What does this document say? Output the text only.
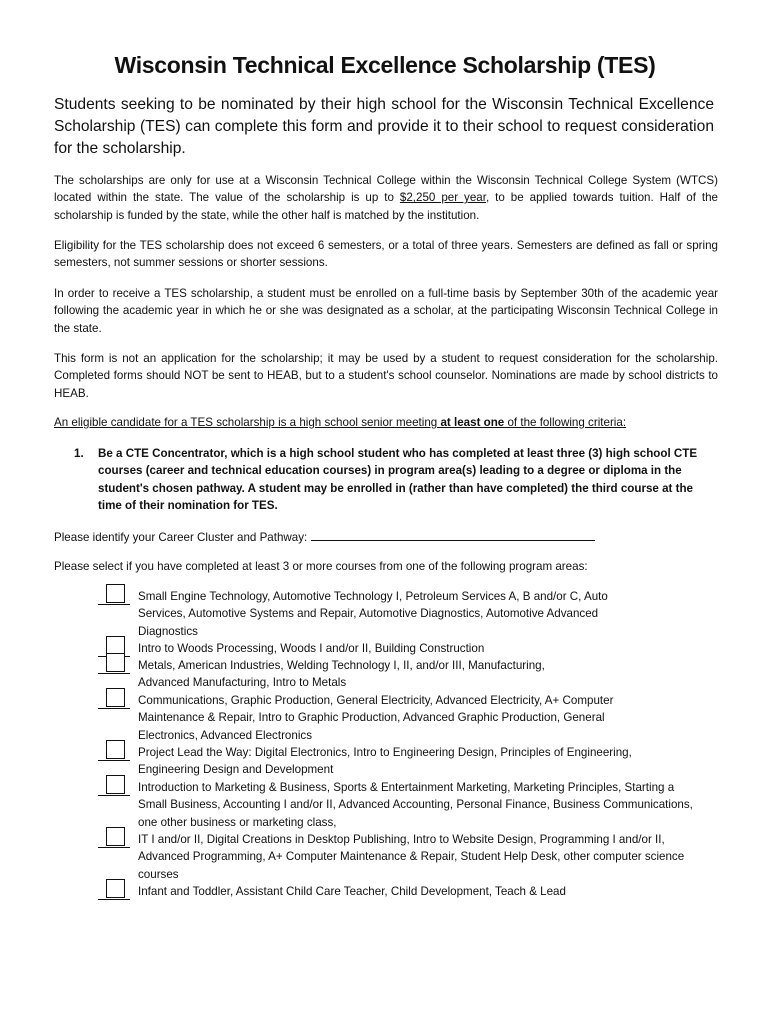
Wisconsin Technical Excellence Scholarship (TES)

Students seeking to be nominated by their high school for the Wisconsin Technical Excellence Scholarship (TES) can complete this form and provide it to their school to request consideration for the scholarship.

The scholarships are only for use at a Wisconsin Technical College within the Wisconsin Technical College System (WTCS) located within the state. The value of the scholarship is up to $2,250 per year, to be applied towards tuition. Half of the scholarship is funded by the state, while the other half is matched by the institution.

Eligibility for the TES scholarship does not exceed 6 semesters, or a total of three years. Semesters are defined as fall or spring semesters, not summer sessions or shorter sessions.

In order to receive a TES scholarship, a student must be enrolled on a full-time basis by September 30th of the academic year following the academic year in which he or she was designated as a scholar, at the participating Wisconsin Technical College in the state.

This form is not an application for the scholarship; it may be used by a student to request consideration for the scholarship. Completed forms should NOT be sent to HEAB, but to a student's school counselor. Nominations are made by school districts to HEAB.

An eligible candidate for a TES scholarship is a high school senior meeting at least one of the following criteria:

1. Be a CTE Concentrator, which is a high school student who has completed at least three (3) high school CTE courses (career and technical education courses) in program area(s) leading to a degree or diploma in the student's chosen pathway. A student may be enrolled in (rather than have completed) the third course at the time of their nomination for TES.

Please identify your Career Cluster and Pathway:

Please select if you have completed at least 3 or more courses from one of the following program areas:

Small Engine Technology, Automotive Technology I, Petroleum Services A, B and/or C, Auto Services, Automotive Systems and Repair, Automotive Diagnostics, Automotive Advanced Diagnostics

Intro to Woods Processing, Woods I and/or II, Building Construction

Metals, American Industries, Welding Technology I, II, and/or III, Manufacturing, Advanced Manufacturing, Intro to Metals

Communications, Graphic Production, General Electricity, Advanced Electricity, A+ Computer Maintenance & Repair, Intro to Graphic Production, Advanced Graphic Production, General Electronics, Advanced Electronics

Project Lead the Way: Digital Electronics, Intro to Engineering Design, Principles of Engineering, Engineering Design and Development

Introduction to Marketing & Business, Sports & Entertainment Marketing, Marketing Principles, Starting a Small Business, Accounting I and/or II, Advanced Accounting, Personal Finance, Business Communications, one other business or marketing class,

IT I and/or II, Digital Creations in Desktop Publishing, Intro to Website Design, Programming I and/or II, Advanced Programming, A+ Computer Maintenance & Repair, Student Help Desk, other computer science courses

Infant and Toddler, Assistant Child Care Teacher, Child Development, Teach & Lead
